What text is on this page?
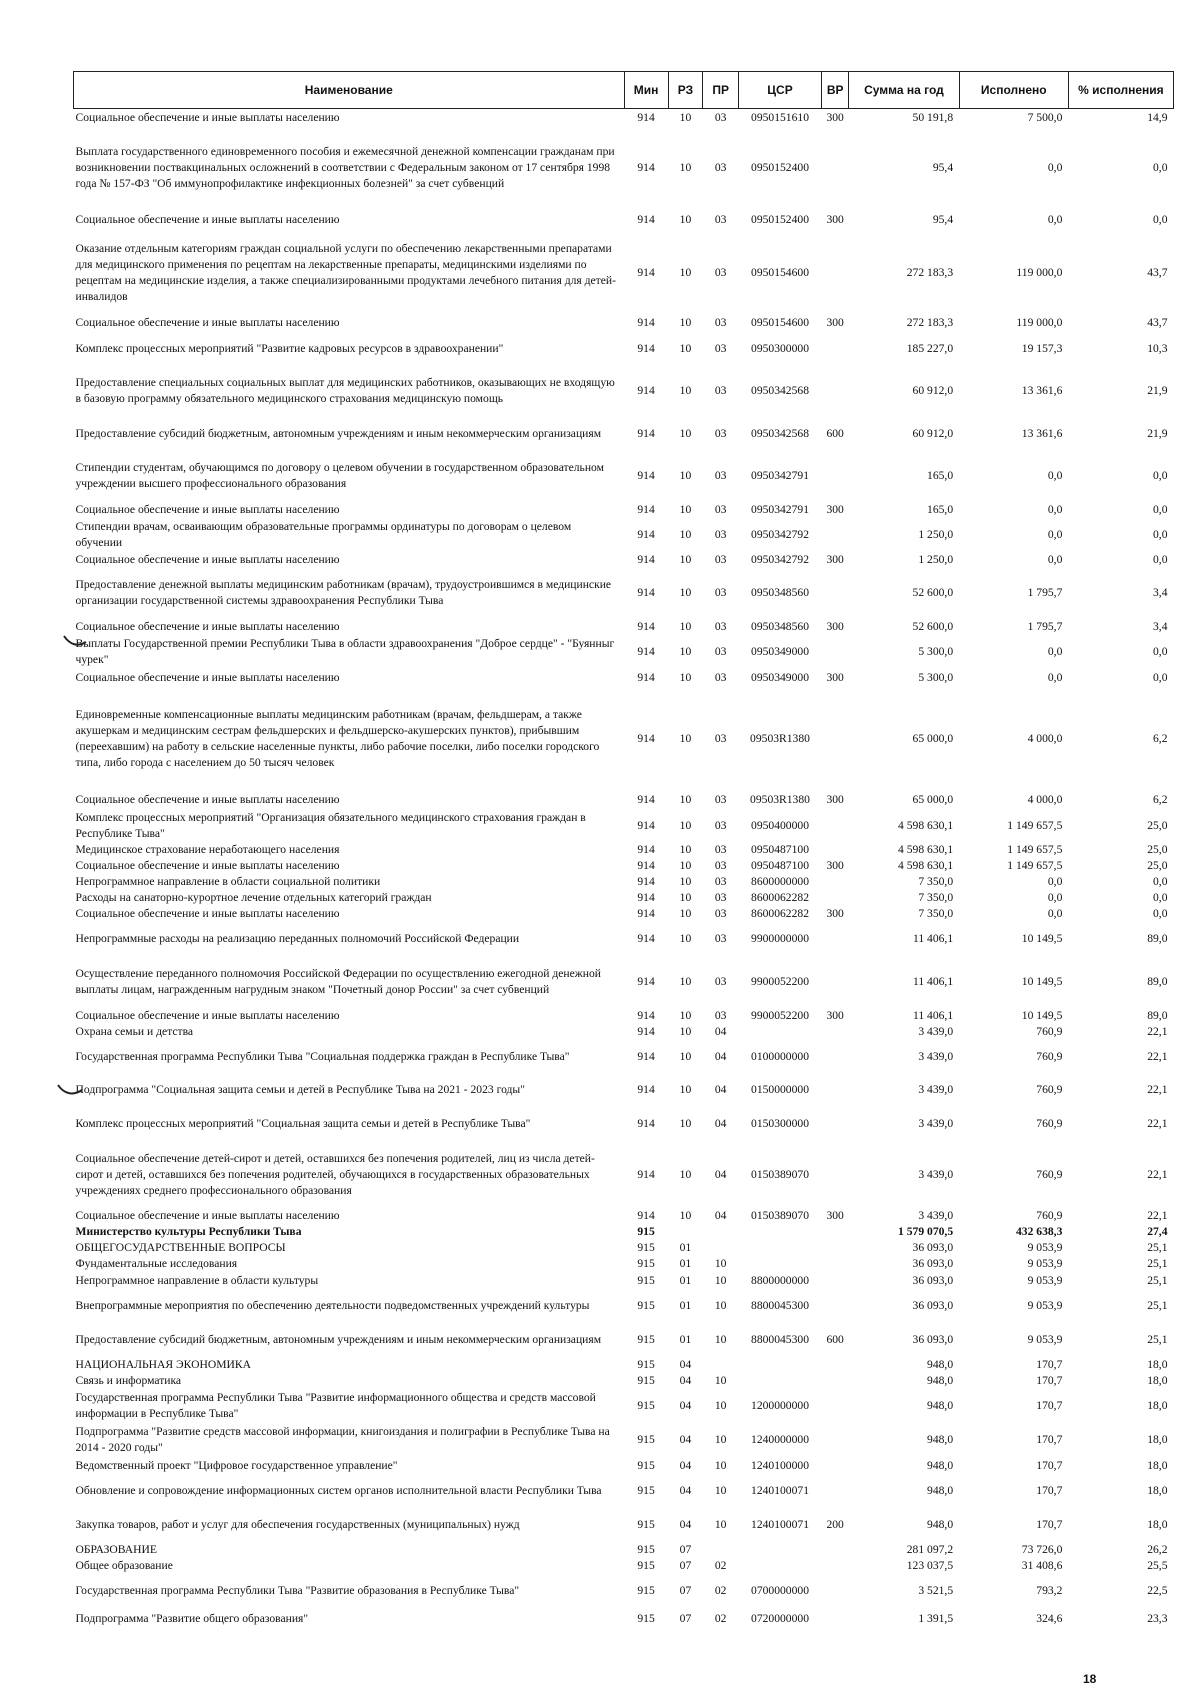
Наименование	Мин	РЗ	ПР	ЦСР	ВР	Сумма на год	Исполнено	% исполнения
Социальное обеспечение и иные выплаты населению	914	10	03	0950151610	300	50 191,8	7 500,0	14,9
Выплата государственного единовременного пособия и ежемесячной денежной компенсации гражданам при возникновении поствакцинальных осложнений в соответствии с Федеральным законом от 17 сентября 1998 года № 157-ФЗ "Об иммунопрофилактике инфекционных болезней" за счет субвенций	914	10	03	0950152400		95,4	0,0	0,0
Социальное обеспечение и иные выплаты населению	914	10	03	0950152400	300	95,4	0,0	0,0
Оказание отдельным категориям граждан социальной услуги по обеспечению лекарственными препаратами для медицинского применения по рецептам на лекарственные препараты, медицинскими изделиями по рецептам на медицинские изделия, а также специализированными продуктами лечебного питания для детей-инвалидов	914	10	03	0950154600		272 183,3	119 000,0	43,7
Социальное обеспечение и иные выплаты населению	914	10	03	0950154600	300	272 183,3	119 000,0	43,7
Комплекс процессных мероприятий "Развитие кадровых ресурсов в здравоохранении"	914	10	03	0950300000		185 227,0	19 157,3	10,3
Предоставление специальных социальных выплат для медицинских работников, оказывающих не входящую в базовую программу обязательного медицинского страхования медицинскую помощь	914	10	03	0950342568		60 912,0	13 361,6	21,9
Предоставление субсидий бюджетным, автономным учреждениям и иным некоммерческим организациям	914	10	03	0950342568	600	60 912,0	13 361,6	21,9
Стипендии студентам, обучающимся по договору о целевом обучении в государственном образовательном учреждении высшего профессионального образования	914	10	03	0950342791		165,0	0,0	0,0
Социальное обеспечение и иные выплаты населению	914	10	03	0950342791	300	165,0	0,0	0,0
Стипендии врачам, осваивающим образовательные программы ординатуры по договорам о целевом обучении	914	10	03	0950342792		1 250,0	0,0	0,0
Социальное обеспечение и иные выплаты населению	914	10	03	0950342792	300	1 250,0	0,0	0,0
Предоставление денежной выплаты медицинским работникам (врачам), трудоустроившимся в медицинские организации государственной системы здравоохранения Республики Тыва	914	10	03	0950348560		52 600,0	1 795,7	3,4
Социальное обеспечение и иные выплаты населению	914	10	03	0950348560	300	52 600,0	1 795,7	3,4
Выплаты Государственной премии Республики Тыва в области здравоохранения "Доброе сердце" - "Буянныг чурек"	914	10	03	0950349000		5 300,0	0,0	0,0
Социальное обеспечение и иные выплаты населению	914	10	03	0950349000	300	5 300,0	0,0	0,0
Единовременные компенсационные выплаты медицинским работникам (врачам, фельдшерам, а также акушеркам и медицинским сестрам фельдшерских и фельдшерско-акушерских пунктов), прибывшим (переехавшим) на работу в сельские населенные пункты, либо рабочие поселки, либо поселки городского типа, либо города с населением до 50 тысяч человек	914	10	03	09503R1380		65 000,0	4 000,0	6,2
Социальное обеспечение и иные выплаты населению	914	10	03	09503R1380	300	65 000,0	4 000,0	6,2
Комплекс процессных мероприятий "Организация обязательного медицинского страхования граждан в Республике Тыва"	914	10	03	0950400000		4 598 630,1	1 149 657,5	25,0
Медицинское страхование неработающего населения	914	10	03	0950487100		4 598 630,1	1 149 657,5	25,0
Социальное обеспечение и иные выплаты населению	914	10	03	0950487100	300	4 598 630,1	1 149 657,5	25,0
Непрограммное направление в области социальной политики	914	10	03	8600000000		7 350,0	0,0	0,0
Расходы на санаторно-курортное лечение отдельных категорий граждан	914	10	03	8600062282		7 350,0	0,0	0,0
Социальное обеспечение и иные выплаты населению	914	10	03	8600062282	300	7 350,0	0,0	0,0
Непрограммные расходы на реализацию переданных полномочий Российской Федерации	914	10	03	9900000000		11 406,1	10 149,5	89,0
Осуществление переданного полномочия Российской Федерации по осуществлению ежегодной денежной выплаты лицам, награжденным нагрудным знаком "Почетный донор России" за счет субвенций	914	10	03	9900052200		11 406,1	10 149,5	89,0
Социальное обеспечение и иные выплаты населению	914	10	03	9900052200	300	11 406,1	10 149,5	89,0
Охрана семьи и детства	914	10	04			3 439,0	760,9	22,1
Государственная программа Республики Тыва "Социальная поддержка граждан в Республике Тыва"	914	10	04	0100000000		3 439,0	760,9	22,1
Подпрограмма "Социальная защита семьи и детей в Республике Тыва на 2021 - 2023 годы"	914	10	04	0150000000		3 439,0	760,9	22,1
Комплекс процессных мероприятий "Социальная защита семьи и детей в Республике Тыва"	914	10	04	0150300000		3 439,0	760,9	22,1
Социальное обеспечение детей-сирот и детей, оставшихся без попечения родителей, лиц из числа детей-сирот и детей, оставшихся без попечения родителей, обучающихся в государственных образовательных учреждениях среднего профессионального образования	914	10	04	0150389070		3 439,0	760,9	22,1
Социальное обеспечение и иные выплаты населению	914	10	04	0150389070	300	3 439,0	760,9	22,1
Министерство культуры Республики Тыва	915					1 579 070,5	432 638,3	27,4
ОБЩЕГОСУДАРСТВЕННЫЕ ВОПРОСЫ	915	01				36 093,0	9 053,9	25,1
Фундаментальные исследования	915	01	10			36 093,0	9 053,9	25,1
Непрограммное направление в области культуры	915	01	10	8800000000		36 093,0	9 053,9	25,1
Внепрограммные мероприятия по обеспечению деятельности подведомственных учреждений культуры	915	01	10	8800045300		36 093,0	9 053,9	25,1
Предоставление субсидий бюджетным, автономным учреждениям и иным некоммерческим организациям	915	01	10	8800045300	600	36 093,0	9 053,9	25,1
НАЦИОНАЛЬНАЯ ЭКОНОМИКА	915	04				948,0	170,7	18,0
Связь и информатика	915	04	10			948,0	170,7	18,0
Государственная программа Республики Тыва "Развитие информационного общества и средств массовой информации в Республике Тыва"	915	04	10	1200000000		948,0	170,7	18,0
Подпрограмма "Развитие средств массовой информации, книгоиздания и полиграфии в Республике Тыва на 2014 - 2020 годы"	915	04	10	1240000000		948,0	170,7	18,0
Ведомственный проект "Цифровое государственное управление"	915	04	10	1240100000		948,0	170,7	18,0
Обновление и сопровождение информационных систем органов исполнительной власти Республики Тыва	915	04	10	1240100071		948,0	170,7	18,0
Закупка товаров, работ и услуг для обеспечения государственных (муниципальных) нужд	915	04	10	1240100071	200	948,0	170,7	18,0
ОБРАЗОВАНИЕ	915	07				281 097,2	73 726,0	26,2
Общее образование	915	07	02			123 037,5	31 408,6	25,5
Государственная программа Республики Тыва "Развитие образования в Республике Тыва"	915	07	02	0700000000		3 521,5	793,2	22,5
Подпрограмма "Развитие общего образования"	915	07	02	0720000000		1 391,5	324,6	23,3
18
